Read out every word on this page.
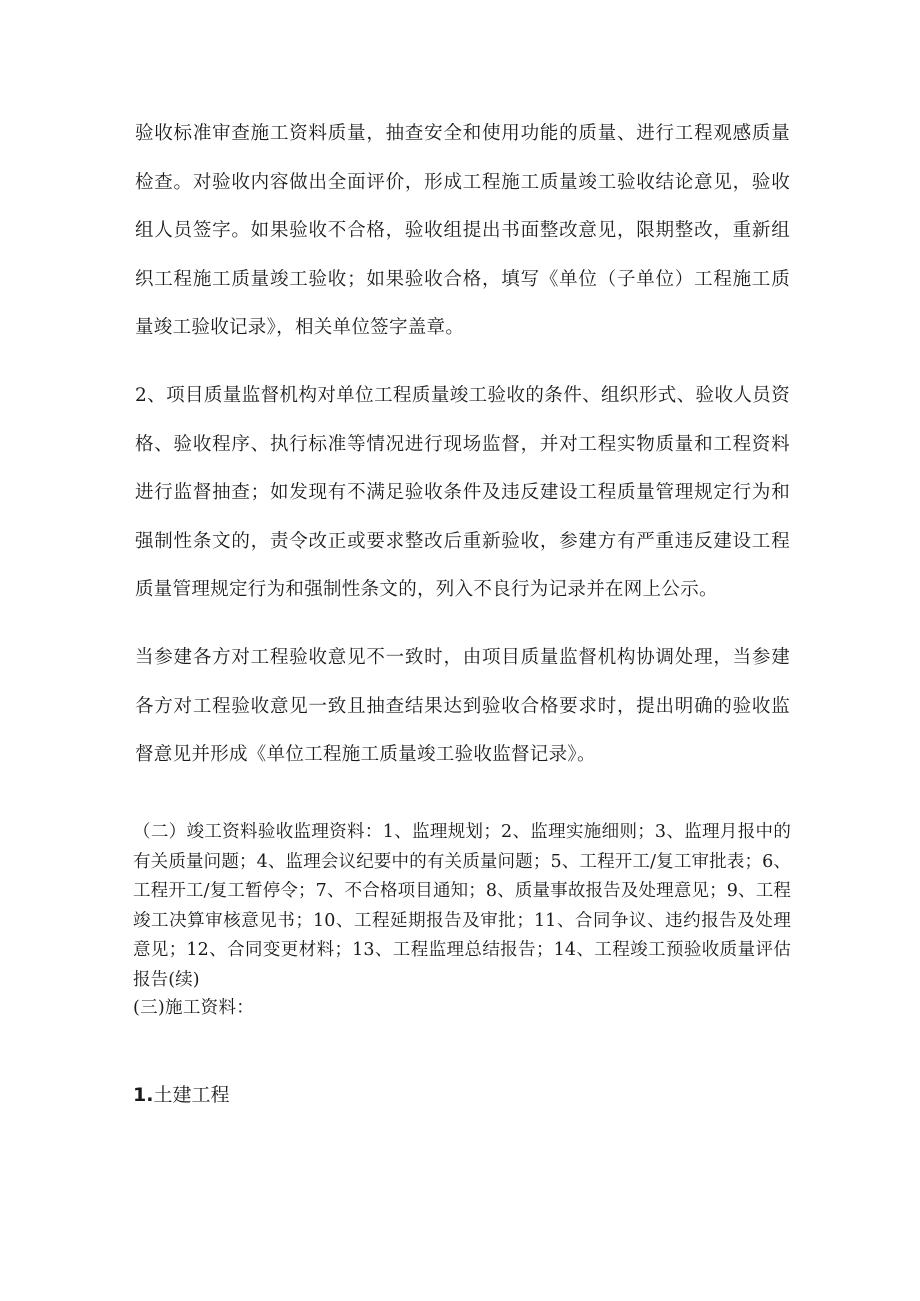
验收标准审查施工资料质量，抽查安全和使用功能的质量、进行工程观感质量检查。对验收内容做出全面评价，形成工程施工质量竣工验收结论意见，验收组人员签字。如果验收不合格，验收组提出书面整改意见，限期整改，重新组织工程施工质量竣工验收；如果验收合格，填写《单位（子单位）工程施工质量竣工验收记录》，相关单位签字盖章。

2、项目质量监督机构对单位工程质量竣工验收的条件、组织形式、验收人员资格、验收程序、执行标准等情况进行现场监督，并对工程实物质量和工程资料进行监督抽查；如发现有不满足验收条件及违反建设工程质量管理规定行为和强制性条文的，责令改正或要求整改后重新验收，参建方有严重违反建设工程质量管理规定行为和强制性条文的，列入不良行为记录并在网上公示。

当参建各方对工程验收意见不一致时，由项目质量监督机构协调处理，当参建各方对工程验收意见一致且抽查结果达到验收合格要求时，提出明确的验收监督意见并形成《单位工程施工质量竣工验收监督记录》。

（二）竣工资料验收监理资料：1、监理规划；2、监理实施细则；3、监理月报中的有关质量问题；4、监理会议纪要中的有关质量问题；5、工程开工/复工审批表；6、工程开工/复工暂停令；7、不合格项目通知；8、质量事故报告及处理意见；9、工程竣工决算审核意见书；10、工程延期报告及审批；11、合同争议、违约报告及处理意见；12、合同变更材料；13、工程监理总结报告；14、工程竣工预验收质量评估报告(续)

(三)施工资料：

1.土建工程
